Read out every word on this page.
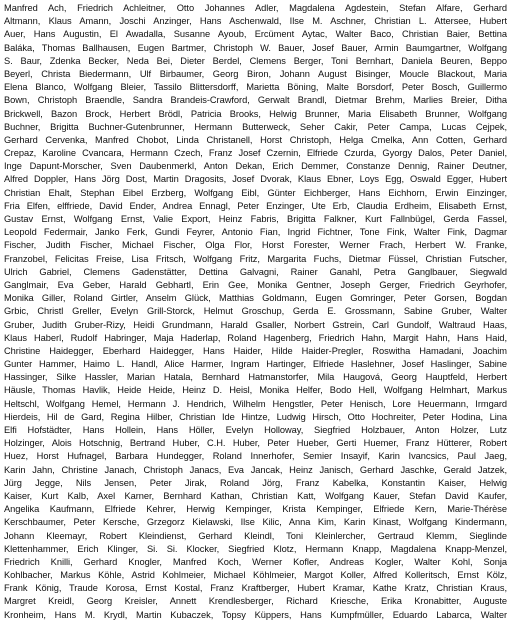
Manfred Ach, Friedrich Achleitner, Otto Johannes Adler, Magdalena Agdestein, Stefan Alfare, Gerhard
Altmann, Klaus Amann, Joschi Anzinger, Hans Aschenwald, Ilse M. Aschner, Christian L. Attersee, Hubert
Auer, Hans Augustin, El Awadalla, Susanne Ayoub, Ercüment Aytac, Walter Baco, Christian Baier, Bettina
Baláka, Thomas Ballhausen, Eugen Bartmer, Christoph W. Bauer, Josef Bauer, Armin Baumgartner, Wolfgang
S. Baur, Zdenka Becker, Neda Bei, Dieter Berdel, Clemens Berger, Toni Bernhart, Daniela Beuren, Beppo
Beyerl, Christa Biedermann, Ulf Birbaumer, Georg Biron, Johann August Bisinger, Moucle Blackout, Maria
Elena Blanco, Wolfgang Bleier, Tassilo Blittersdorff, Marietta Böning, Malte Borsdorf, Peter Bosch, Guillermo
Bown, Christoph Braendle, Sandra Brandeis-Crawford, Gerwalt Brandl, Dietmar Brehm, Marlies Breier, Ditha
Brickwell, Bazon Brock, Herbert Brödl, Patricia Brooks, Helwig Brunner, Maria Elisabeth Brunner, Wolfgang
Buchner, Brigitta Buchner-Gutenbrunner, Hermann Butterweck, Seher Cakir, Peter Campa, Lucas Cejpek,
Gerhard Cervenka, Manfred Chobot, Linda Christanell, Horst Christoph, Helga Cmelka, Ann Cotten, Gerhard
Crepaz, Karoline Cvancara, Hermann Czech, Franz Josef Czernin, Elfriede Czurda, Gyorgy Dalos, Peter Daniel,
Inge Dapunt-Morscher, Sven Daubenmerkl, Anton Dekan, Erich Demmer, Constanze Dennig, Rainer Deutner,
Alfred Doppler, Hans Jörg Dost, Martin Dragosits, Josef Dvorak, Klaus Ebner, Loys Egg, Oswald Egger, Hubert
Christian Ehalt, Stephan Eibel Erzberg, Wolfgang Eibl, Günter Eichberger, Hans Eichhorn, Erwin Einzinger,
Fria Elfen, elffriede, David Ender, Andrea Ennagl, Peter Enzinger, Ute Erb, Claudia Erdheim, Elisabeth Ernst,
Gustav Ernst, Wolfgang Ernst, Valie Export, Heinz Fabris, Brigitta Falkner, Kurt Fallnbügel, Gerda Fassel,
Leopold Federmair, Janko Ferk, Gundi Feyrer, Antonio Fian, Ingrid Fichtner, Tone Fink, Walter Fink, Dagmar
Fischer, Judith Fischer, Michael Fischer, Olga Flor, Horst Forester, Werner Frach, Herbert W. Franke,
Franzobel, Felicitas Freise, Lisa Fritsch, Wolfgang Fritz, Margarita Fuchs, Dietmar Füssel, Christian Futscher,
Ulrich Gabriel, Clemens Gadenstätter, Dettina Galvagni, Rainer Ganahl, Petra Ganglbauer, Siegwald
Ganglmair, Eva Geber, Harald Gebhartl, Erin Gee, Monika Gentner, Joseph Gerger, Friedrich Geyrhofer,
Monika Giller, Roland Girtler, Anselm Glück, Matthias Goldmann, Eugen Gomringer, Peter Gorsen, Bogdan
Grbic, Christl Greller, Evelyn Grill-Storck, Helmut Groschup, Gerda E. Grossmann, Sabine Gruber, Walter
Gruber, Judith Gruber-Rizy, Heidi Grundmann, Harald Gsaller, Norbert Gstrein, Carl Gundolf, Waltraud Haas,
Klaus Haberl, Rudolf Habringer, Maja Haderlap, Roland Hagenberg, Friedrich Hahn, Margit Hahn, Hans Haid,
Christine Haidegger, Eberhard Haidegger, Hans Haider, Hilde Haider-Pregler, Roswitha Hamadani, Joachim
Gunter Hammer, Haimo L. Handl, Alice Harmer, Ingram Hartinger, Elfriede Haslehner, Josef Haslinger, Sabine
Hassinger, Silke Hassler, Marian Hatala, Bernhard Hatmanstorfer, Mila Haugová, Georg Hauptfeld, Herbert
Häusle, Thomas Havlik, Heide Heide, Heinz D. Heisl, Monika Helfer, Bodo Hell, Wolfgang Helmhart, Markus
Heltschl, Wolfgang Hemel, Hermann J. Hendrich, Wilhelm Hengstler, Peter Henisch, Lore Heuermann, Irmgard
Hierdeis, Hil de Gard, Regina Hilber, Christian Ide Hintze, Ludwig Hirsch, Otto Hochreiter, Peter Hodina, Lina
Elfi Hofstädter, Hans Hollein, Hans Höller, Evelyn Holloway, Siegfried Holzbauer, Anton Holzer, Lutz
Holzinger, Alois Hotschnig, Bertrand Huber, C.H. Huber, Peter Hueber, Gerti Huemer, Franz Hütterer, Robert
Huez, Horst Hufnagel, Barbara Hundegger, Roland Innerhofer, Semier Insayif, Karin Ivancsics, Paul Jaeg,
Karin Jahn, Christine Janach, Christoph Janacs, Eva Jancak, Heinz Janisch, Gerhard Jaschke, Gerald Jatzek,
Jürg Jegge, Nils Jensen, Peter Jirak, Roland Jörg, Franz Kabelka, Konstantin Kaiser, Helwig
Kaiser, Kurt Kalb, Axel Karner, Bernhard Kathan, Christian Katt, Wolfgang Kauer, Stefan David Kaufer,
Angelika Kaufmann, Elfriede Kehrer, Herwig Kempinger, Krista Kempinger, Elfriede Kern, Marie-Thérèse
Kerschbaumer, Peter Kersche, Grzegorz Kielawski, Ilse Kilic, Anna Kim, Karin Kinast, Wolfgang Kindermann,
Johann Kleemayr, Robert Kleindienst, Gerhard Kleindl, Toni Kleinlercher, Gertraud Klemm, Sieglinde
Klettenhammer, Erich Klinger, Si. Si. Klocker, Siegfried Klotz, Hermann Knapp, Magdalena Knapp-Menzel,
Friedrich Knilli, Gerhard Knogler, Manfred Koch, Werner Kofler, Andreas Kogler, Walter Kohl, Sonja
Kohlbacher, Markus Köhle, Astrid Kohlmeier, Michael Köhlmeier, Margot Koller, Alfred Kolleritsch, Ernst Kölz,
Frank König, Traude Korosa, Ernst Kostal, Franz Kraftberger, Hubert Kramar, Kathe Kratz, Christian Kraus,
Margret Kreidl, Georg Kreisler, Annett Krendlesberger, Richard Kriesche, Erika Kronabitter, Auguste
Kronheim, Hans M. Krydl, Martin Kubaczek, Topsy Küppers, Hans Kumpfmüller, Eduardo Labarca, Walter
